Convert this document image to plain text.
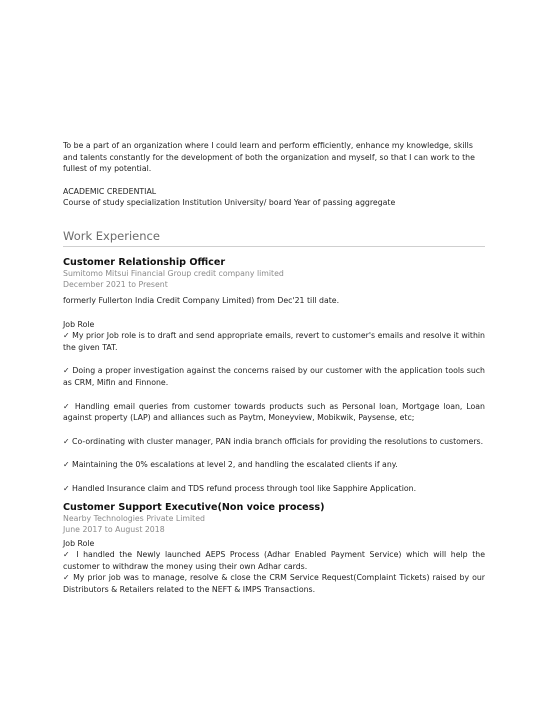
To be a part of an organization where I could learn and perform efficiently, enhance my knowledge, skills and talents constantly for the development of both the organization and myself, so that I can work to the fullest of my potential.

ACADEMIC CREDENTIAL

Course of study specialization Institution University/ board Year of passing aggregate

Work Experience

Customer Relationship Officer

Sumitomo Mitsui Financial Group credit company limited

December 2021 to Present

formerly Fullerton India Credit Company Limited) from Dec'21 till date.

Job Role

✓ My prior Job role is to draft and send appropriate emails, revert to customer's emails and resolve it within the given TAT.

✓ Doing a proper investigation against the concerns raised by our customer with the application tools such as CRM, Mifin and Finnone.

✓ Handling email queries from customer towards products such as Personal loan, Mortgage loan, Loan against property (LAP) and alliances such as Paytm, Moneyview, Mobikwik, Paysense, etc;

✓ Co-ordinating with cluster manager, PAN india branch officials for providing the resolutions to customers.

✓ Maintaining the 0% escalations at level 2, and handling the escalated clients if any.

✓ Handled Insurance claim and TDS refund process through tool like Sapphire Application.

Customer Support Executive(Non voice process)

Nearby Technologies Private Limited

June 2017 to August 2018

Job Role

✓ I handled the Newly launched AEPS Process (Adhar Enabled Payment Service) which will help the customer to withdraw the money using their own Adhar cards.

✓ My prior job was to manage, resolve & close the CRM Service Request(Complaint Tickets) raised by our Distributors & Retailers related to the NEFT & IMPS Transactions.
